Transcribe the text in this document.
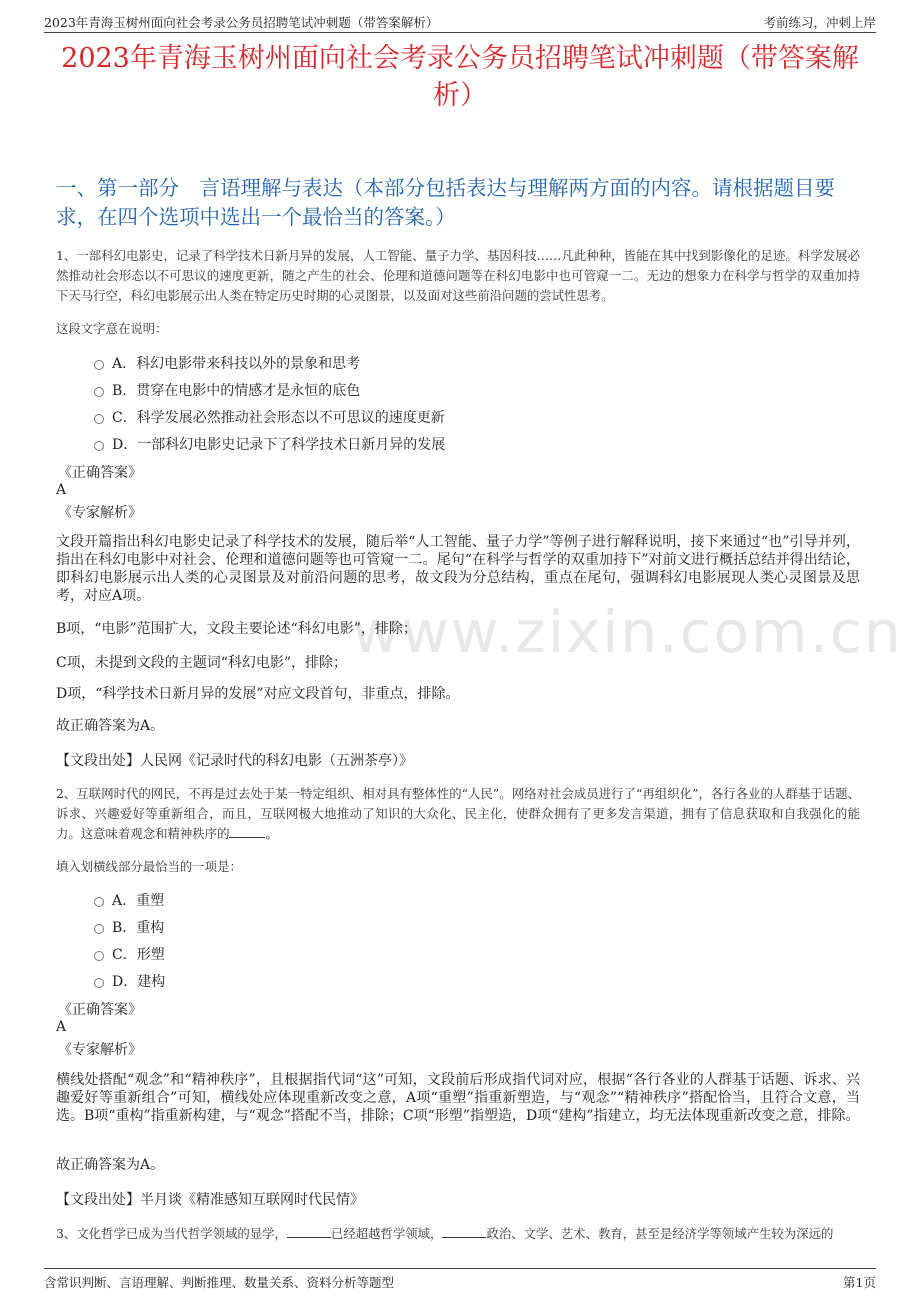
2023年青海玉树州面向社会考录公务员招聘笔试冲刺题（带答案解析）	考前练习，冲刺上岸
2023年青海玉树州面向社会考录公务员招聘笔试冲刺题（带答案解析）
一、第一部分　言语理解与表达（本部分包括表达与理解两方面的内容。请根据题目要求，在四个选项中选出一个最恰当的答案。）
www.zixin.com.cn
1、一部科幻电影史，记录了科学技术日新月异的发展，人工智能、量子力学、基因科技……凡此种种，皆能在其中找到影像化的足迹。科学发展必然推动社会形态以不可思议的速度更新，随之产生的社会、伦理和道德问题等在科幻电影中也可管窥一二。无边的想象力在科学与哲学的双重加持下天马行空，科幻电影展示出人类在特定历史时期的心灵图景，以及面对这些前沿问题的尝试性思考。
这段文字意在说明：
A．科幻电影带来科技以外的景象和思考
B．贯穿在电影中的情感才是永恒的底色
C．科学发展必然推动社会形态以不可思议的速度更新
D．一部科幻电影史记录下了科学技术日新月异的发展
《正确答案》
A
《专家解析》
文段开篇指出科幻电影史记录了科学技术的发展，随后举“人工智能、量子力学”等例子进行解释说明，接下来通过“也”引导并列，指出在科幻电影中对社会、伦理和道德问题等也可管窥一二。尾句“在科学与哲学的双重加持下”对前文进行概括总结并得出结论，即科幻电影展示出人类的心灵图景及对前沿问题的思考，故文段为分总结构，重点在尾句，强调科幻电影展现人类心灵图景及思考，对应A项。
B项，“电影”范围扩大，文段主要论述“科幻电影”，排除；
C项，未提到文段的主题词“科幻电影”，排除；
D项，“科学技术日新月异的发展”对应文段首句，非重点，排除。
故正确答案为A。
【文段出处】人民网《记录时代的科幻电影（五洲茶亭）》
2、互联网时代的网民，不再是过去处于某一特定组织、相对具有整体性的“人民”。网络对社会成员进行了“再组织化”，各行各业的人群基于话题、诉求、兴趣爱好等重新组合，而且，互联网极大地推动了知识的大众化、民主化，使群众拥有了更多发言渠道，拥有了信息获取和自我强化的能力。这意味着观念和精神秩序的	。
填入划横线部分最恰当的一项是：
A．重塑
B．重构
C．形塑
D．建构
《正确答案》
A
《专家解析》
横线处搭配“观念”和“精神秩序”，且根据指代词“这”可知，文段前后形成指代词对应，根据“各行各业的人群基于话题、诉求、兴趣爱好等重新组合”可知，横线处应体现重新改变之意，A项“重塑”指重新塑造，与“观念”“精神秩序”搭配恰当，且符合文意，当选。B项“重构”指重新构建，与“观念”搭配不当，排除；C项“形塑”指塑造，D项“建构”指建立，均无法体现重新改变之意，排除。
故正确答案为A。
【文段出处】半月谈《精准感知互联网时代民情》
3、文化哲学已成为当代哲学领域的显学，	已经超越哲学领域，	政治、文学、艺术、教育，甚至是经济学等领域产生较为深远的
含常识判断、言语理解、判断推理、数量关系、资料分析等题型	第1页
